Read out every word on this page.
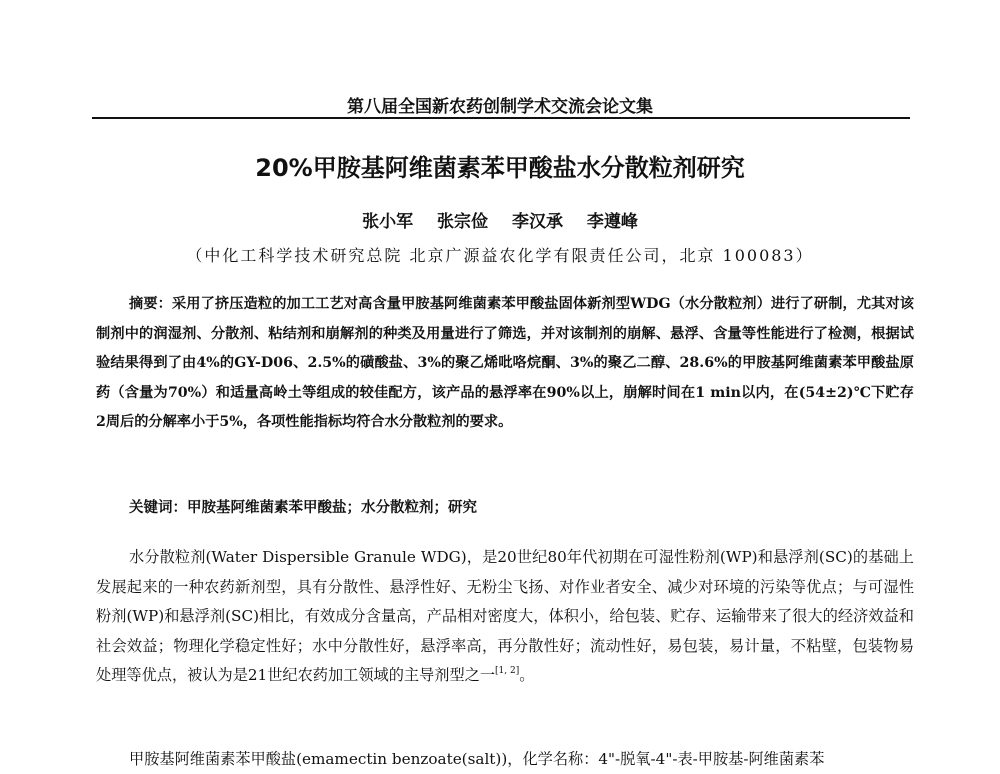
第八届全国新农药创制学术交流会论文集
20%甲胺基阿维菌素苯甲酸盐水分散粒剂研究
张小军 张宗俭 李汉承 李遵峰
（中化工科学技术研究总院 北京广源益农化学有限责任公司，北京 100083）

摘要：采用了挤压造粒的加工工艺对高含量甲胺基阿维菌素苯甲酸盐固体新剂型WDG（水分散粒剂）进行了研制，尤其对该制剂中的润湿剂、分散剂、粘结剂和崩解剂的种类及用量进行了筛选，并对该制剂的崩解、悬浮、含量等性能进行了检测，根据试验结果得到了由4%的GY-D06、2.5%的磺酸盐、3%的聚乙烯吡咯烷酮、3%的聚乙二醇、28.6%的甲胺基阿维菌素苯甲酸盐原药（含量为70%）和适量高岭土等组成的较佳配方，该产品的悬浮率在90%以上，崩解时间在1 min以内，在(54±2)℃下贮存2周后的分解率小于5%，各项性能指标均符合水分散粒剂的要求。

关键词：甲胺基阿维菌素苯甲酸盐；水分散粒剂；研究

水分散粒剂(Water Dispersible Granule WDG)，是20世纪80年代初期在可湿性粉剂(WP)和悬浮剂(SC)的基础上发展起来的一种农药新剂型，具有分散性、悬浮性好、无粉尘飞扬、对作业者安全、减少对环境的污染等优点；与可湿性粉剂(WP)和悬浮剂(SC)相比，有效成分含量高，产品相对密度大，体积小，给包装、贮存、运输带来了很大的经济效益和社会效益；物理化学稳定性好；水中分散性好，悬浮率高，再分散性好；流动性好，易包装，易计量，不粘壁，包装物易处理等优点，被认为是21世纪农药加工领域的主导剂型之一[1, 2]。

甲胺基阿维菌素苯甲酸盐(emamectin benzoate(salt))，化学名称：4"-脱氧-4"-表-甲胺基-阿维菌素苯
